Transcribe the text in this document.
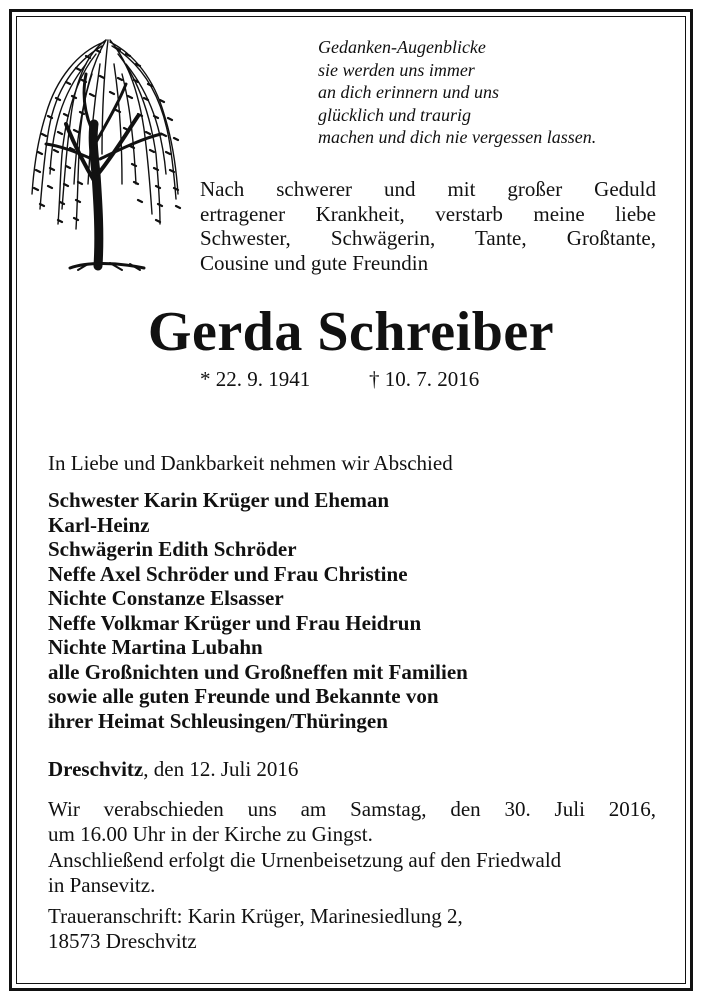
Gedanken-Augenblicke
sie werden uns immer
an dich erinnern und uns
glücklich und traurig
machen und dich nie vergessen lassen.
Nach schwerer und mit großer Geduld
ertragener Krankheit, verstarb meine liebe
Schwester, Schwägerin, Tante, Großtante,
Cousine und gute Freundin
Gerda Schreiber
* 22. 9. 1941	† 10. 7. 2016
In Liebe und Dankbarkeit nehmen wir Abschied
Schwester Karin Krüger und Eheman
Karl-Heinz
Schwägerin Edith Schröder
Neffe Axel Schröder und Frau Christine
Nichte Constanze Elsasser
Neffe Volkmar Krüger und Frau Heidrun
Nichte Martina Lubahn
alle Großnichten und Großneffen mit Familien
sowie alle guten Freunde und Bekannte von
ihrer Heimat Schleusingen/Thüringen
Dreschvitz, den 12. Juli 2016
Wir verabschieden uns am Samstag, den 30. Juli 2016,
um 16.00 Uhr in der Kirche zu Gingst.
Anschließend erfolgt die Urnenbeisetzung auf den Friedwald
in Pansevitz.
Traueranschrift: Karin Krüger, Marinesiedlung 2,
18573 Dreschvitz
